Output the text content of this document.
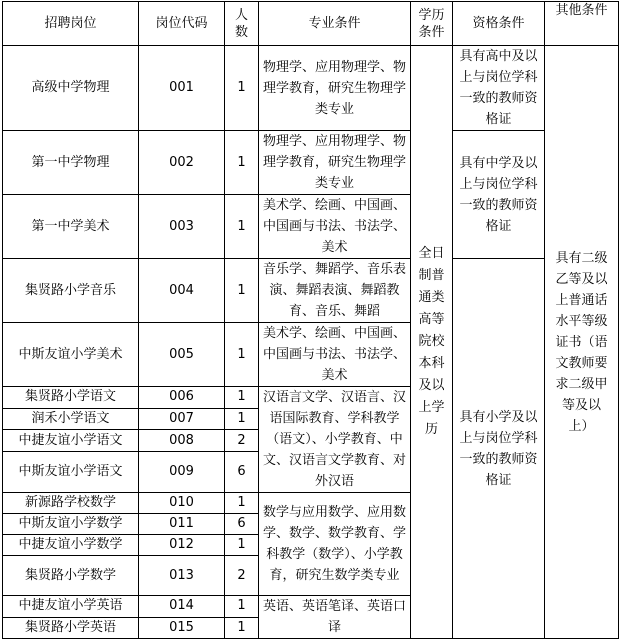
招聘岗位	岗位代码	人数	专业条件	学历条件	资格条件	其他条件
高级中学物理	001	1	物理学、应用物理学、物理学教育，研究生物理学类专业	全日制普通类高等院校本科及以上学历	具有高中及以上与岗位学科一致的教师资格证	具有二级乙等及以上普通话水平等级证书（语文教师要求二级甲等及以上）
第一中学物理	002	1	物理学、应用物理学、物理学教育，研究生物理学类专业		具有中学及以上与岗位学科一致的教师资格证	
第一中学美术	003	1	美术学、绘画、中国画、中国画与书法、书法学、美术			
集贤路小学音乐	004	1	音乐学、舞蹈学、音乐表演、舞蹈表演、舞蹈教育、音乐、舞蹈		具有小学及以上与岗位学科一致的教师资格证	
中斯友谊小学美术	005	1	美术学、绘画、中国画、中国画与书法、书法学、美术			
集贤路小学语文	006	1	汉语言文学、汉语言、汉语国际教育、学科教学（语文）、小学教育、中文、汉语言文学教育、对外汉语			
润禾小学语文	007	1				
中捷友谊小学语文	008	2				
中斯友谊小学语文	009	6				
新源路学校数学	010	1	数学与应用数学、应用数学、数学、数学教育、学科教学（数学）、小学教育，研究生数学类专业			
中斯友谊小学数学	011	6				
中捷友谊小学数学	012	1				
集贤路小学数学	013	2				
中捷友谊小学英语	014	1	英语、英语笔译、英语口译			
集贤路小学英语	015	1				
